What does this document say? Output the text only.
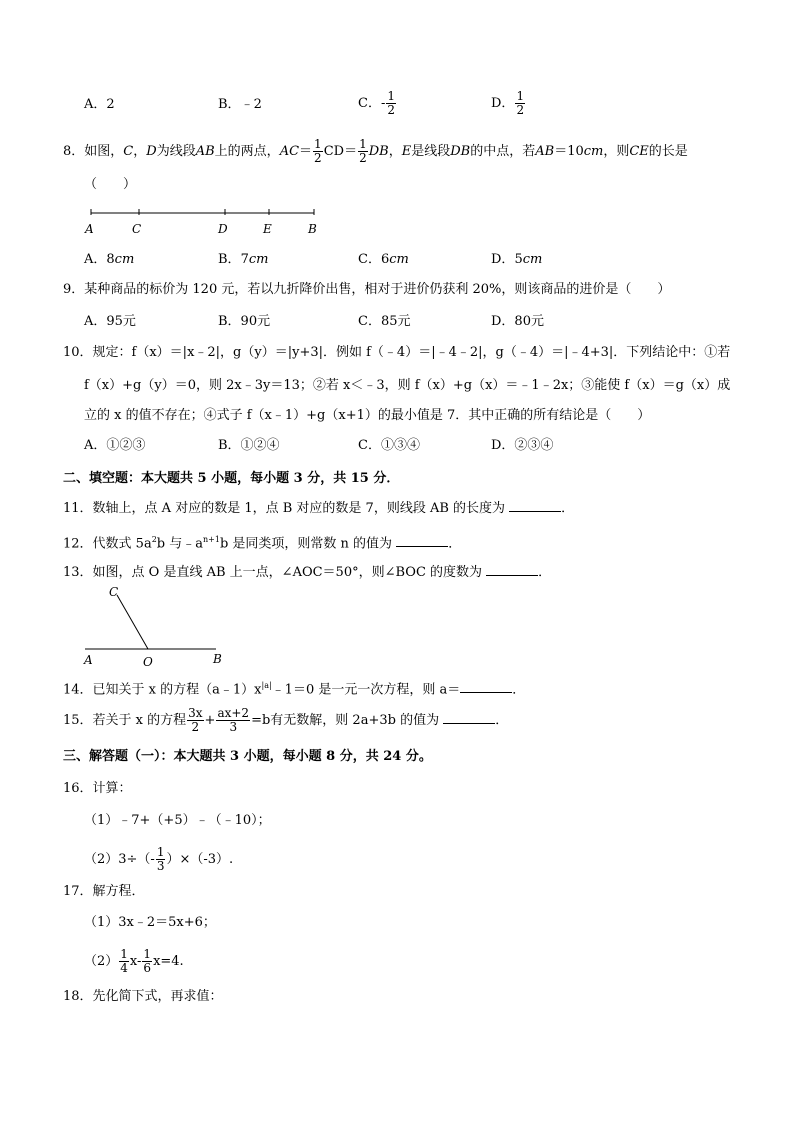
A．2	B．﹣2	C．- $\frac{1}{2}$	D． $\frac{1}{2}$
8．如图，C，D为线段AB上的两点，$AC= \frac{1}{2} CD= \frac{1}{2}$ DB，E是线段DB的中点，若AB＝10cm，则CE的长是
（　　）
A	C	D	E	B
A．8cm	B．7cm	C．6cm	D．5cm
9．某种商品的标价为 120 元，若以九折降价出售，相对于进价仍获利 20%，则该商品的进价是（　　）
A．95元	B．90元	C．85元	D．80元
10．规定：f（x）＝|x﹣2|，g（y）＝|y+3|．例如 f（﹣4）＝|﹣4﹣2|，g（﹣4）＝|﹣4+3|．下列结论中：①若
f（x）+g（y）＝0，则 2x﹣3y＝13；②若 x＜﹣3，则 f（x）+g（x）＝﹣1﹣2x；③能使 f（x）＝g（x）成
立的 x 的值不存在；④式子 f（x﹣1）+g（x+1）的最小值是 7．其中正确的所有结论是（　　）
A．①②③	B．①②④	C．①③④	D．②③④
二、填空题：本大题共 5 小题，每小题 3 分，共 15 分．
11．数轴上，点 A 对应的数是 1，点 B 对应的数是 7，则线段 AB 的长度为	．
12．代数式 $5a^2b$ 与$﹣a^{n+1}b$ 是同类项，则常数 n 的值为	．
13．如图，点 O 是直线 AB 上一点，∠AOC＝50°，则∠BOC 的度数为	．
C
A	O	B
14．已知关于 x 的方程$(a﹣1)x^{|a|}﹣1=0$ 是一元一次方程，则 a＝	．
15．若关于 x 的方程 $\frac{3x}{2} + \frac{ax+2}{3} =b$有无数解，则 2a+3b 的值为	．
三、解答题（一）：本大题共 3 小题，每小题 8 分，共 24 分。
16．计算：
（1）﹣7+（+5）﹣（﹣10）；
$(2)3\div(- \frac{1}{3} )\times(-3)$.
17．解方程．
（1）3x﹣2＝5x+6；
$(2) \frac{1}{4} x- \frac{1}{6} x=4$.
18．先化简下式，再求值：
